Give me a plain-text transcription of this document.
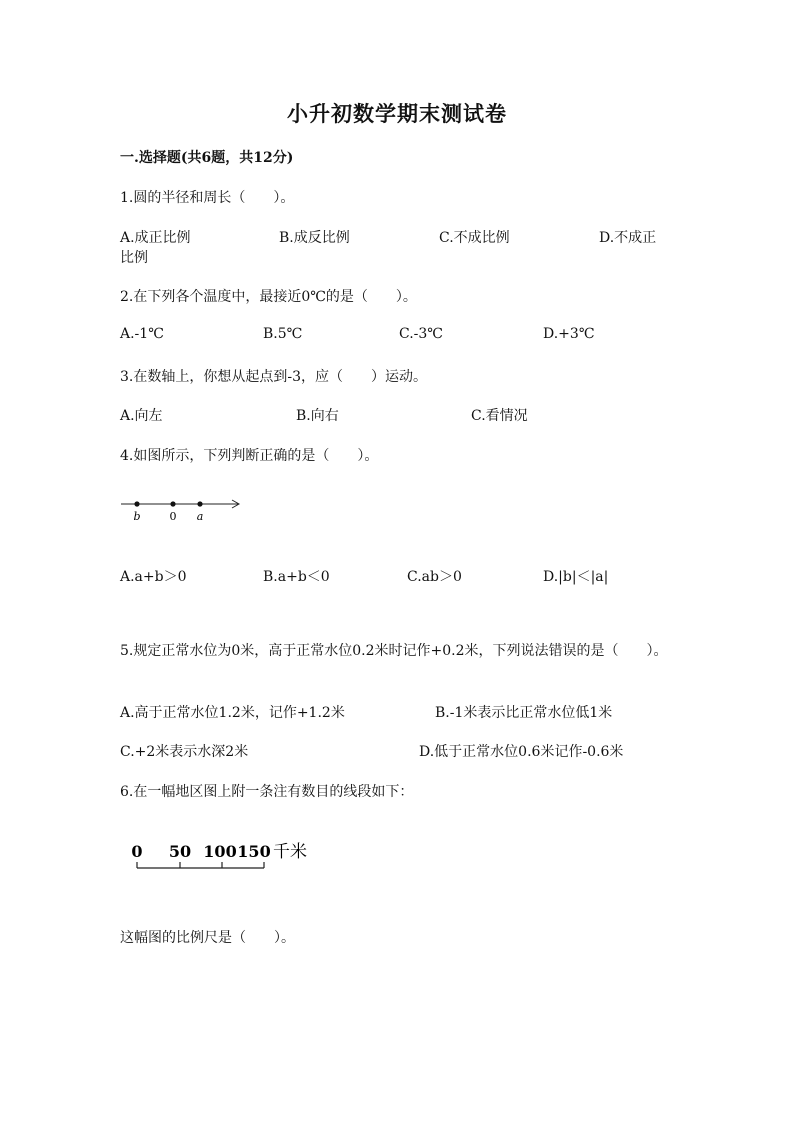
小升初数学期末测试卷
一.选择题(共6题，共12分)
1.圆的半径和周长（　　）。
A.成正比例	B.成反比例	C.不成比例	D.不成正
比例
2.在下列各个温度中，最接近0℃的是（　　）。
A.-1℃	B.5℃	C.-3℃	D.+3℃
3.在数轴上，你想从起点到-3，应（　　）运动。
A.向左	B.向右	C.看情况
4.如图所示，下列判断正确的是（　　）。
b	0 a
A.a+b＞0	B.a+b＜0	C.ab＞0	D.|b|＜|a|
5.规定正常水位为0米，高于正常水位0.2米时记作+0.2米，下列说法错误的是（　　）。
A.高于正常水位1.2米，记作+1.2米	B.-1米表示比正常水位低1米
C.+2米表示水深2米	D.低于正常水位0.6米记作-0.6米
6.在一幅地区图上附一条注有数目的线段如下：
0 50 100 150 千米
这幅图的比例尺是（　　）。
